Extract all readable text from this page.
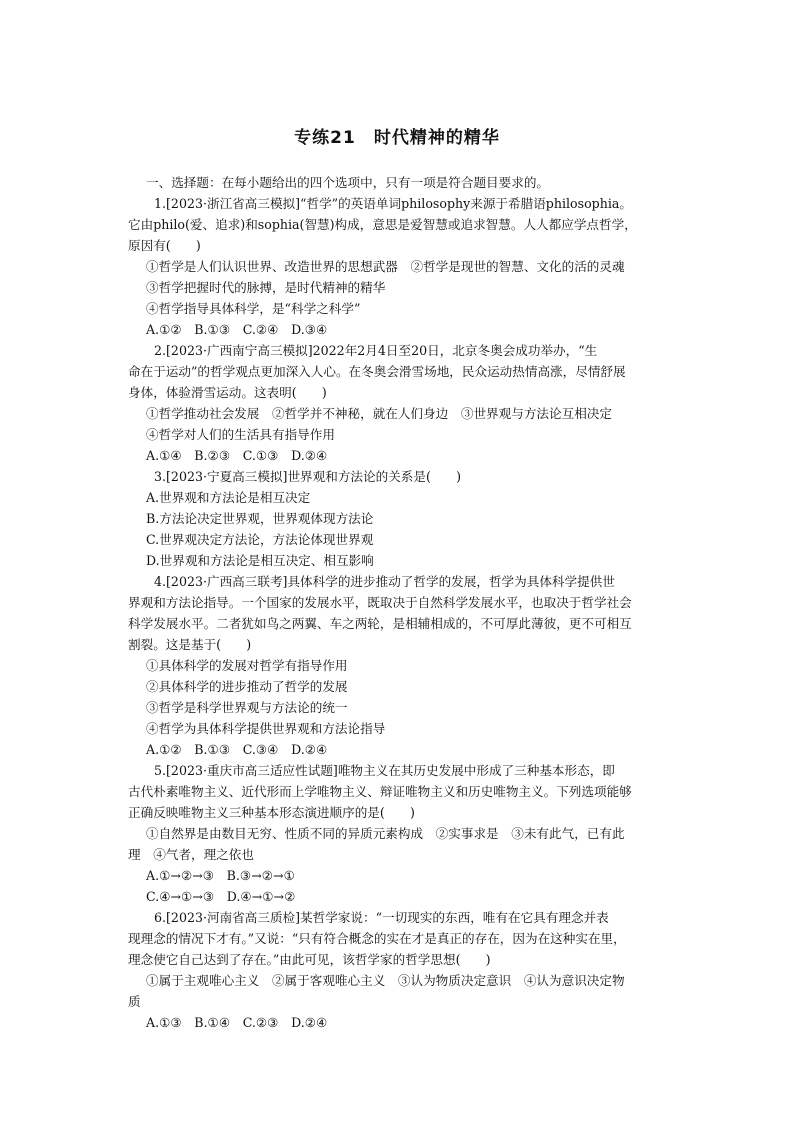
专练21　时代精神的精华
一、选择题：在每小题给出的四个选项中，只有一项是符合题目要求的。
1.[2023·浙江省高三模拟]“哲学”的英语单词philosophy来源于希腊语philosophia。
它由philo(爱、追求)和sophia(智慧)构成，意思是爱智慧或追求智慧。人人都应学点哲学，
原因有(　　)
①哲学是人们认识世界、改造世界的思想武器　②哲学是现世的智慧、文化的活的灵魂
③哲学把握时代的脉搏，是时代精神的精华
④哲学指导具体科学，是“科学之科学”
A.①②　B.①③　C.②④　D.③④
2.[2023·广西南宁高三模拟]2022年2月4日至20日，北京冬奥会成功举办，“生
命在于运动”的哲学观点更加深入人心。在冬奥会滑雪场地，民众运动热情高涨，尽情舒展
身体，体验滑雪运动。这表明(　　)
①哲学推动社会发展　②哲学并不神秘，就在人们身边　③世界观与方法论互相决定
④哲学对人们的生活具有指导作用
A.①④　B.②③　C.①③　D.②④
3.[2023·宁夏高三模拟]世界观和方法论的关系是(　　)
A.世界观和方法论是相互决定
B.方法论决定世界观，世界观体现方法论
C.世界观决定方法论，方法论体现世界观
D.世界观和方法论是相互决定、相互影响
4.[2023·广西高三联考]具体科学的进步推动了哲学的发展，哲学为具体科学提供世
界观和方法论指导。一个国家的发展水平，既取决于自然科学发展水平，也取决于哲学社会
科学发展水平。二者犹如鸟之两翼、车之两轮，是相辅相成的，不可厚此薄彼，更不可相互
割裂。这是基于(　　)
①具体科学的发展对哲学有指导作用
②具体科学的进步推动了哲学的发展
③哲学是科学世界观与方法论的统一
④哲学为具体科学提供世界观和方法论指导
A.①②　B.①③　C.③④　D.②④
5.[2023·重庆市高三适应性试题]唯物主义在其历史发展中形成了三种基本形态，即
古代朴素唯物主义、近代形而上学唯物主义、辩证唯物主义和历史唯物主义。下列选项能够
正确反映唯物主义三种基本形态演进顺序的是(　　)
①自然界是由数目无穷、性质不同的异质元素构成　②实事求是　③未有此气，已有此
理　④气者，理之依也
A.①→②→③　B.③→②→①
C.④→①→③　D.④→①→②
6.[2023·河南省高三质检]某哲学家说：“一切现实的东西，唯有在它具有理念并表
现理念的情况下才有。”又说：“只有符合概念的实在才是真正的存在，因为在这种实在里，
理念使它自己达到了存在。”由此可见，该哲学家的哲学思想(　　)
①属于主观唯心主义　②属于客观唯心主义　③认为物质决定意识　④认为意识决定物
质
A.①③　B.①④　C.②③　D.②④
